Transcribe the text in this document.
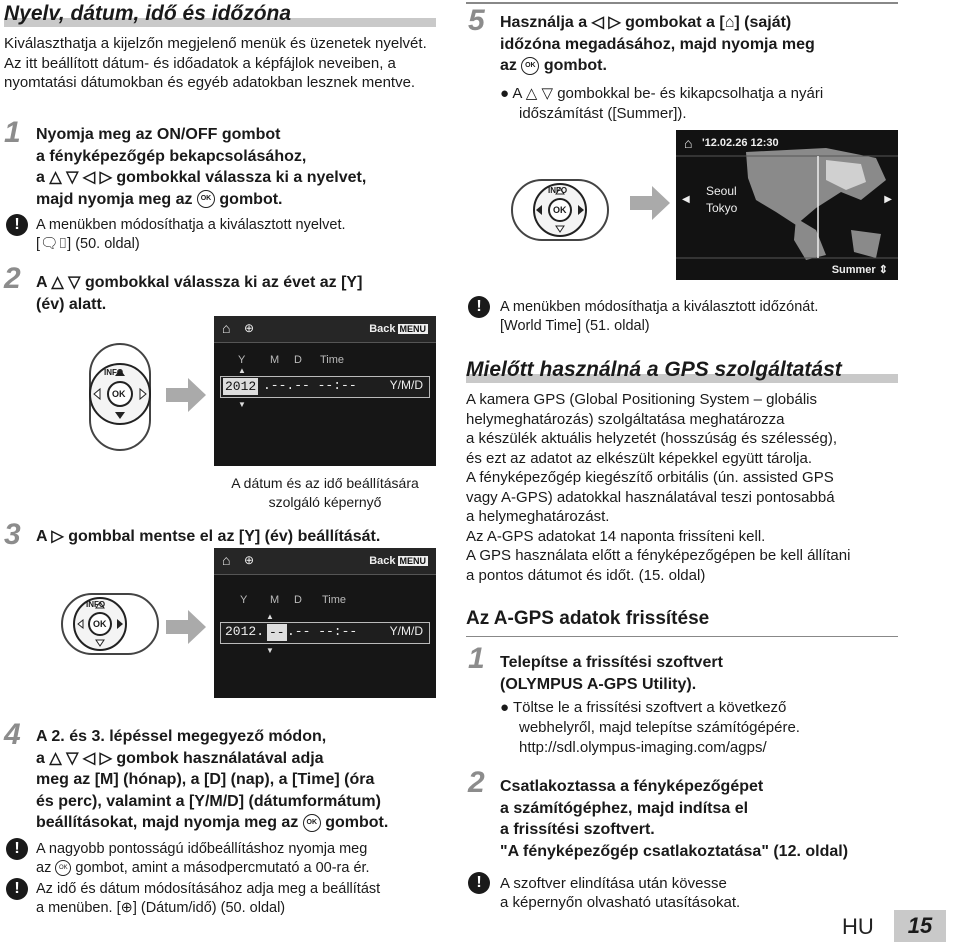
Nyelv, dátum, idő és időzóna
Kiválaszthatja a kijelzőn megjelenő menük és üzenetek nyelvét. Az itt beállított dátum- és időadatok a képfájlok neveiben, a nyomtatási dátumokban és egyéb adatokban lesznek mentve.
1 Nyomja meg az ON/OFF gombot
a fényképezőgép bekapcsolásához,
a △ ▽ ◁ ▷ gombokkal válassza ki a nyelvet,
majd nyomja meg az OK gombot.
!	A menükben módosíthatja a kiválasztott nyelvet.
[🗨︎⌷] (50. oldal)
2 A △ ▽ gombokkal válassza ki az évet az [Y]
(év) alatt.
INFO
OK
⌂ ⊕	Back MENU
Y M D Time
2012 .--.-- --:--	Y/M/D
▲
▼
A dátum és az idő beállítására
szolgáló képernyő
3 A ▷ gombbal mentse el az [Y] (év) beállítását.
INFO
OK
⌂ ⊕	Back MENU
Y M D Time
2012. -- .-- --:--	Y/M/D
▲
▼
4 A 2. és 3. lépéssel megegyező módon,
a △ ▽ ◁ ▷ gombok használatával adja
meg az [M] (hónap), a [D] (nap), a [Time] (óra
és perc), valamint a [Y/M/D] (dátumformátum)
beállításokat, majd nyomja meg az OK gombot.
!	A nagyobb pontosságú időbeállításhoz nyomja meg
az OK gombot, amint a másodpercmutató a 00-ra ér.
!	Az idő és dátum módosításához adja meg a beállítást
a menüben. [⊕] (Dátum/idő) (50. oldal)
5 Használja a ◁ ▷ gombokat a [⌂] (saját)
időzóna megadásához, majd nyomja meg
az OK gombot.
● A △ ▽ gombokkal be- és kikapcsolhatja a nyári
időszámítást ([Summer]).
INFO
OK
⌂ '12.02.26 12:30
◀	▶
Seoul
Tokyo
Summer ⇕
!	A menükben módosíthatja a kiválasztott időzónát.
[World Time] (51. oldal)
Mielőtt használná a GPS szolgáltatást
A kamera GPS (Global Positioning System – globális
helymeghatározás) szolgáltatása meghatározza
a készülék aktuális helyzetét (hosszúság és szélesség),
és ezt az adatot az elkészült képekkel együtt tárolja.
A fényképezőgép kiegészítő orbitális (ún. assisted GPS
vagy A-GPS) adatokkal használatával teszi pontosabbá
a helymeghatározást.
Az A-GPS adatokat 14 naponta frissíteni kell.
A GPS használata előtt a fényképezőgépen be kell állítani
a pontos dátumot és időt. (15. oldal)
Az A-GPS adatok frissítése
1 Telepítse a frissítési szoftvert
(OLYMPUS A-GPS Utility).
● Töltse le a frissítési szoftvert a következő
webhelyről, majd telepítse számítógépére.
http://sdl.olympus-imaging.com/agps/
2 Csatlakoztassa a fényképezőgépet
a számítógéphez, majd indítsa el
a frissítési szoftvert.
"A fényképezőgép csatlakoztatása" (12. oldal)
!	A szoftver elindítása után kövesse
a képernyőn olvasható utasításokat.
HU	15
